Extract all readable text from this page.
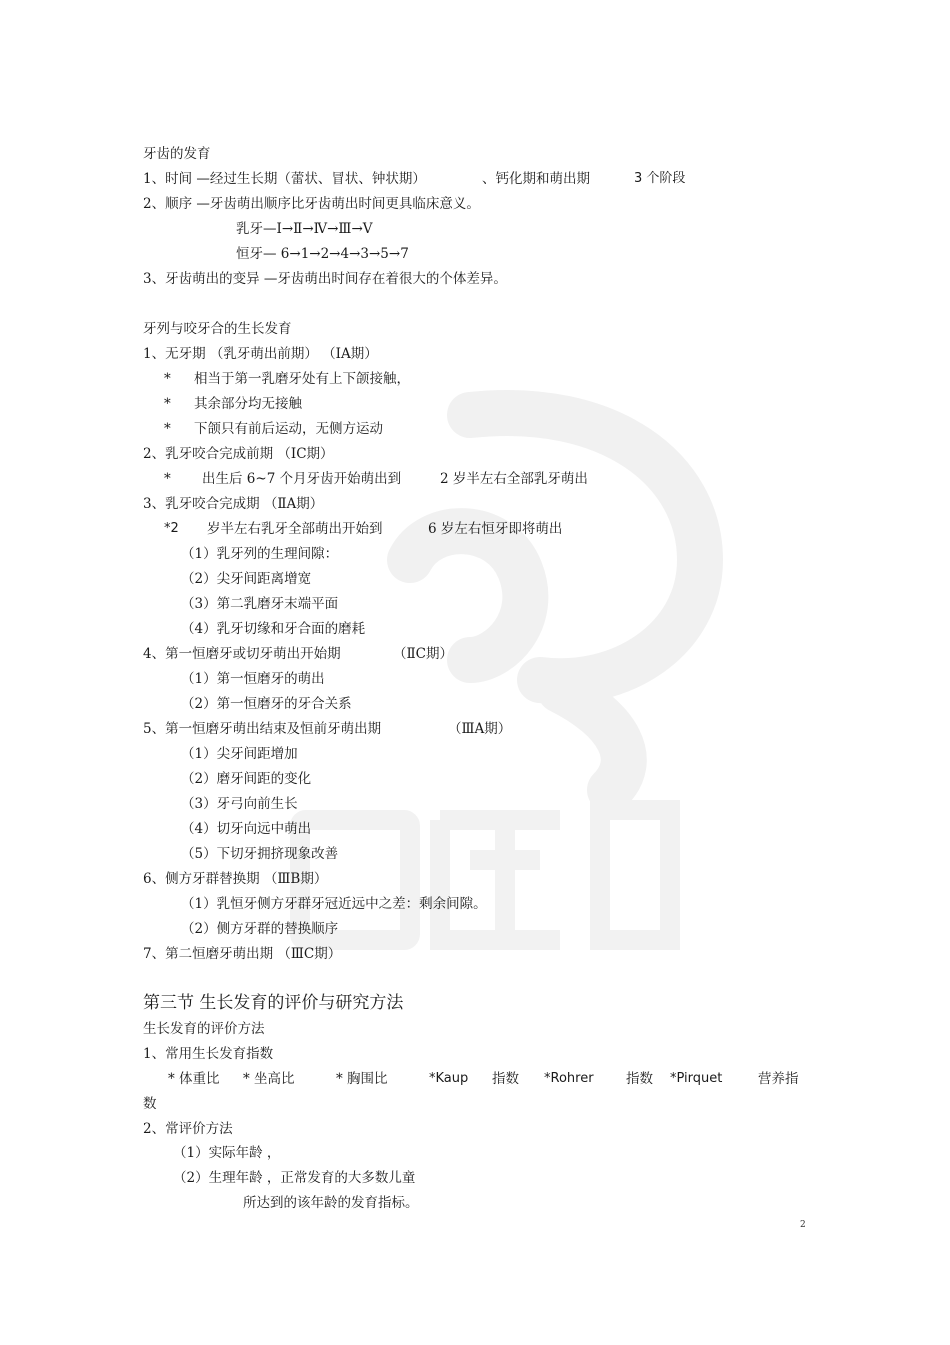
牙齿的发育
1、时间 —经过生长期（蕾状、冒状、钟状期）	、钙化期和萌出期	3 个阶段
2、顺序 —牙齿萌出顺序比牙齿萌出时间更具临床意义。
乳牙—Ⅰ→Ⅱ→Ⅳ→Ⅲ→Ⅴ
恒牙— 6→1→2→4→3→5→7
3、牙齿萌出的变异 —牙齿萌出时间存在着很大的个体差异。
牙列与咬牙合的生长发育
1、无牙期 （乳牙萌出前期） （ⅠA期）
* 相当于第一乳磨牙处有上下颌接触，
* 其余部分均无接触
* 下颌只有前后运动，无侧方运动
2、乳牙咬合完成前期 （ⅠC期）
* 出生后 6~7 个月牙齿开始萌出到	2 岁半左右全部乳牙萌出
3、乳牙咬合完成期 （ⅡA期）
*2 岁半左右乳牙全部萌出开始到	6 岁左右恒牙即将萌出
（1）乳牙列的生理间隙：
（2）尖牙间距离增宽
（3）第二乳磨牙末端平面
（4）乳牙切缘和牙合面的磨耗
4、第一恒磨牙或切牙萌出开始期	（ⅡC期）
（1）第一恒磨牙的萌出
（2）第一恒磨牙的牙合关系
5、第一恒磨牙萌出结束及恒前牙萌出期	（ⅢA期）
（1）尖牙间距增加
（2）磨牙间距的变化
（3）牙弓向前生长
（4）切牙向远中萌出
（5）下切牙拥挤现象改善
6、侧方牙群替换期 （ⅢB期）
（1）乳恒牙侧方牙群牙冠近远中之差：剩余间隙。
（2）侧方牙群的替换顺序
7、第二恒磨牙萌出期 （ⅢC期）
第三节 生长发育的评价与研究方法
生长发育的评价方法
1、常用生长发育指数
* 体重比 * 坐高比	* 胸围比	*Kaup 指数 *Rohrer 指数 *Pirquet	营养指
数
2、常评价方法
（1）实际年龄 ，
（2）生理年龄 ，正常发育的大多数儿童
所达到的该年龄的发育指标。
2
